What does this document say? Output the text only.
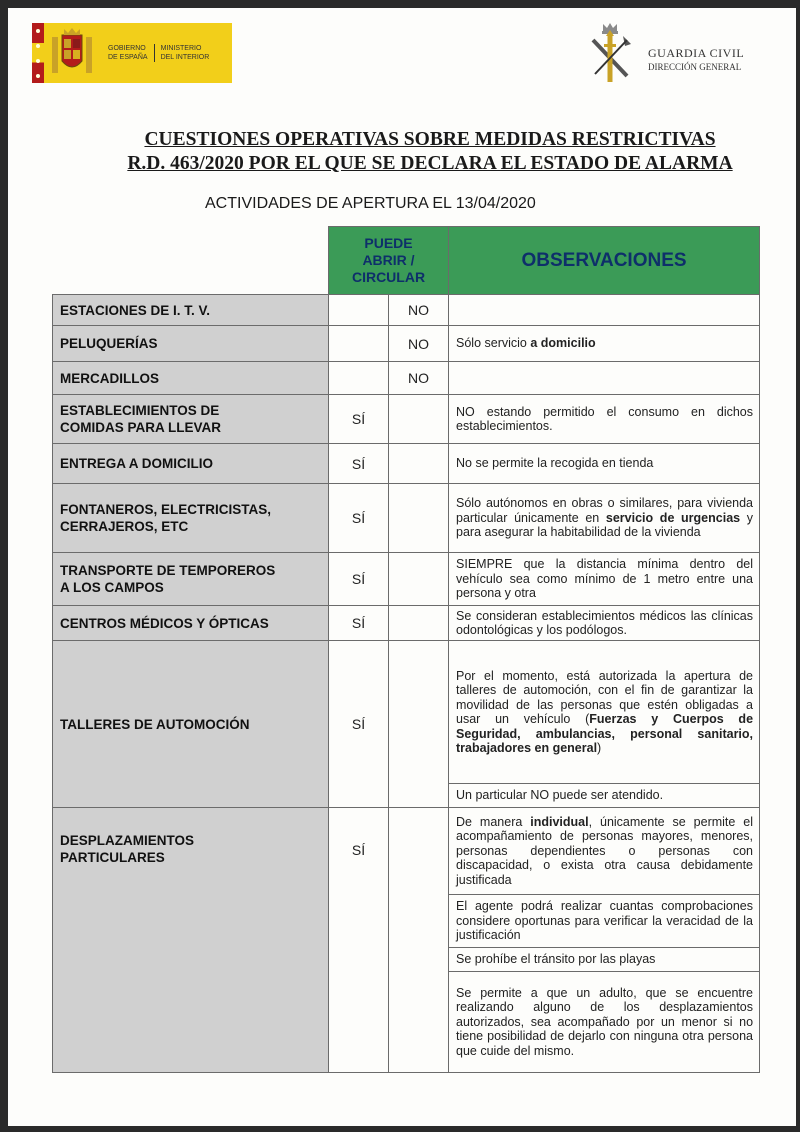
GOBIERNO
DE ESPAÑA
MINISTERIO
DEL INTERIOR	GUARDIA CIVIL
DIRECCIÓN GENERAL
CUESTIONES OPERATIVAS SOBRE MEDIDAS RESTRICTIVAS
R.D. 463/2020 POR EL QUE SE DECLARA EL ESTADO DE ALARMA
ACTIVIDADES DE APERTURA EL 13/04/2020
	PUEDE
ABRIR /
CIRCULAR		OBSERVACIONES
ESTACIONES DE I. T. V.		NO	
PELUQUERÍAS		NO	Sólo servicio a domicilio
MERCADILLOS		NO	
ESTABLECIMIENTOS DE
COMIDAS PARA LLEVAR	SÍ		NO estando permitido el consumo en dichos establecimientos.
ENTREGA A DOMICILIO	SÍ		No se permite la recogida en tienda
FONTANEROS, ELECTRICISTAS,
CERRAJEROS, ETC	SÍ		Sólo autónomos en obras o similares, para vivienda particular únicamente en servicio de urgencias y para asegurar la habitabilidad de la vivienda
TRANSPORTE DE TEMPOREROS
A LOS CAMPOS	SÍ		SIEMPRE que la distancia mínima dentro del vehículo sea como mínimo de 1 metro entre una persona y otra
CENTROS MÉDICOS Y ÓPTICAS	SÍ		Se consideran establecimientos médicos las clínicas odontológicas y los podólogos.
TALLERES DE AUTOMOCIÓN	SÍ		Por el momento, está autorizada la apertura de talleres de automoción, con el fin de garantizar la movilidad de las personas que estén obligadas a usar un vehículo (Fuerzas y Cuerpos de Seguridad, ambulancias, personal sanitario, trabajadores en general)
			Un particular NO puede ser atendido.
DESPLAZAMIENTOS
PARTICULARES	SÍ		De manera individual, únicamente se permite el acompañamiento de personas mayores, menores, personas dependientes o personas con discapacidad, o exista otra causa debidamente justificada
			El agente podrá realizar cuantas comprobaciones considere oportunas para verificar la veracidad de la justificación
			Se prohíbe el tránsito por las playas
			Se permite a que un adulto, que se encuentre realizando alguno de los desplazamientos autorizados, sea acompañado por un menor si no tiene posibilidad de dejarlo con ninguna otra persona que cuide del mismo.
